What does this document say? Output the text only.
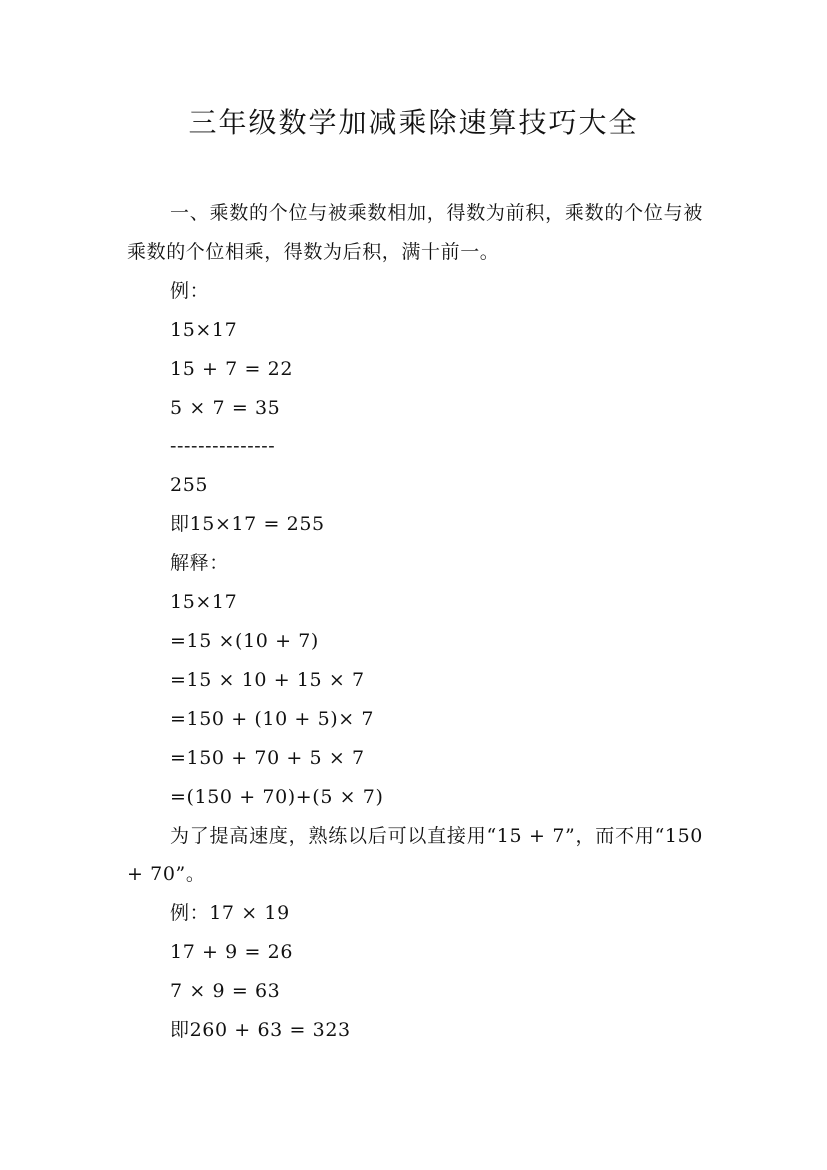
三年级数学加减乘除速算技巧大全

一、乘数的个位与被乘数相加，得数为前积，乘数的个位与被乘数的个位相乘，得数为后积，满十前一。

例：

15×17

15 + 7 = 22

5 × 7 = 35

---------------

255

即15×17 = 255

解释：

15×17

=15 ×(10 + 7)

=15 × 10 + 15 × 7

=150 + (10 + 5)× 7

=150 + 70 + 5 × 7

=(150 + 70)+(5 × 7)

为了提高速度，熟练以后可以直接用“15 + 7”，而不用“150 + 70”。

例：17 × 19

17 + 9 = 26

7 × 9 = 63

即260 + 63 = 323
